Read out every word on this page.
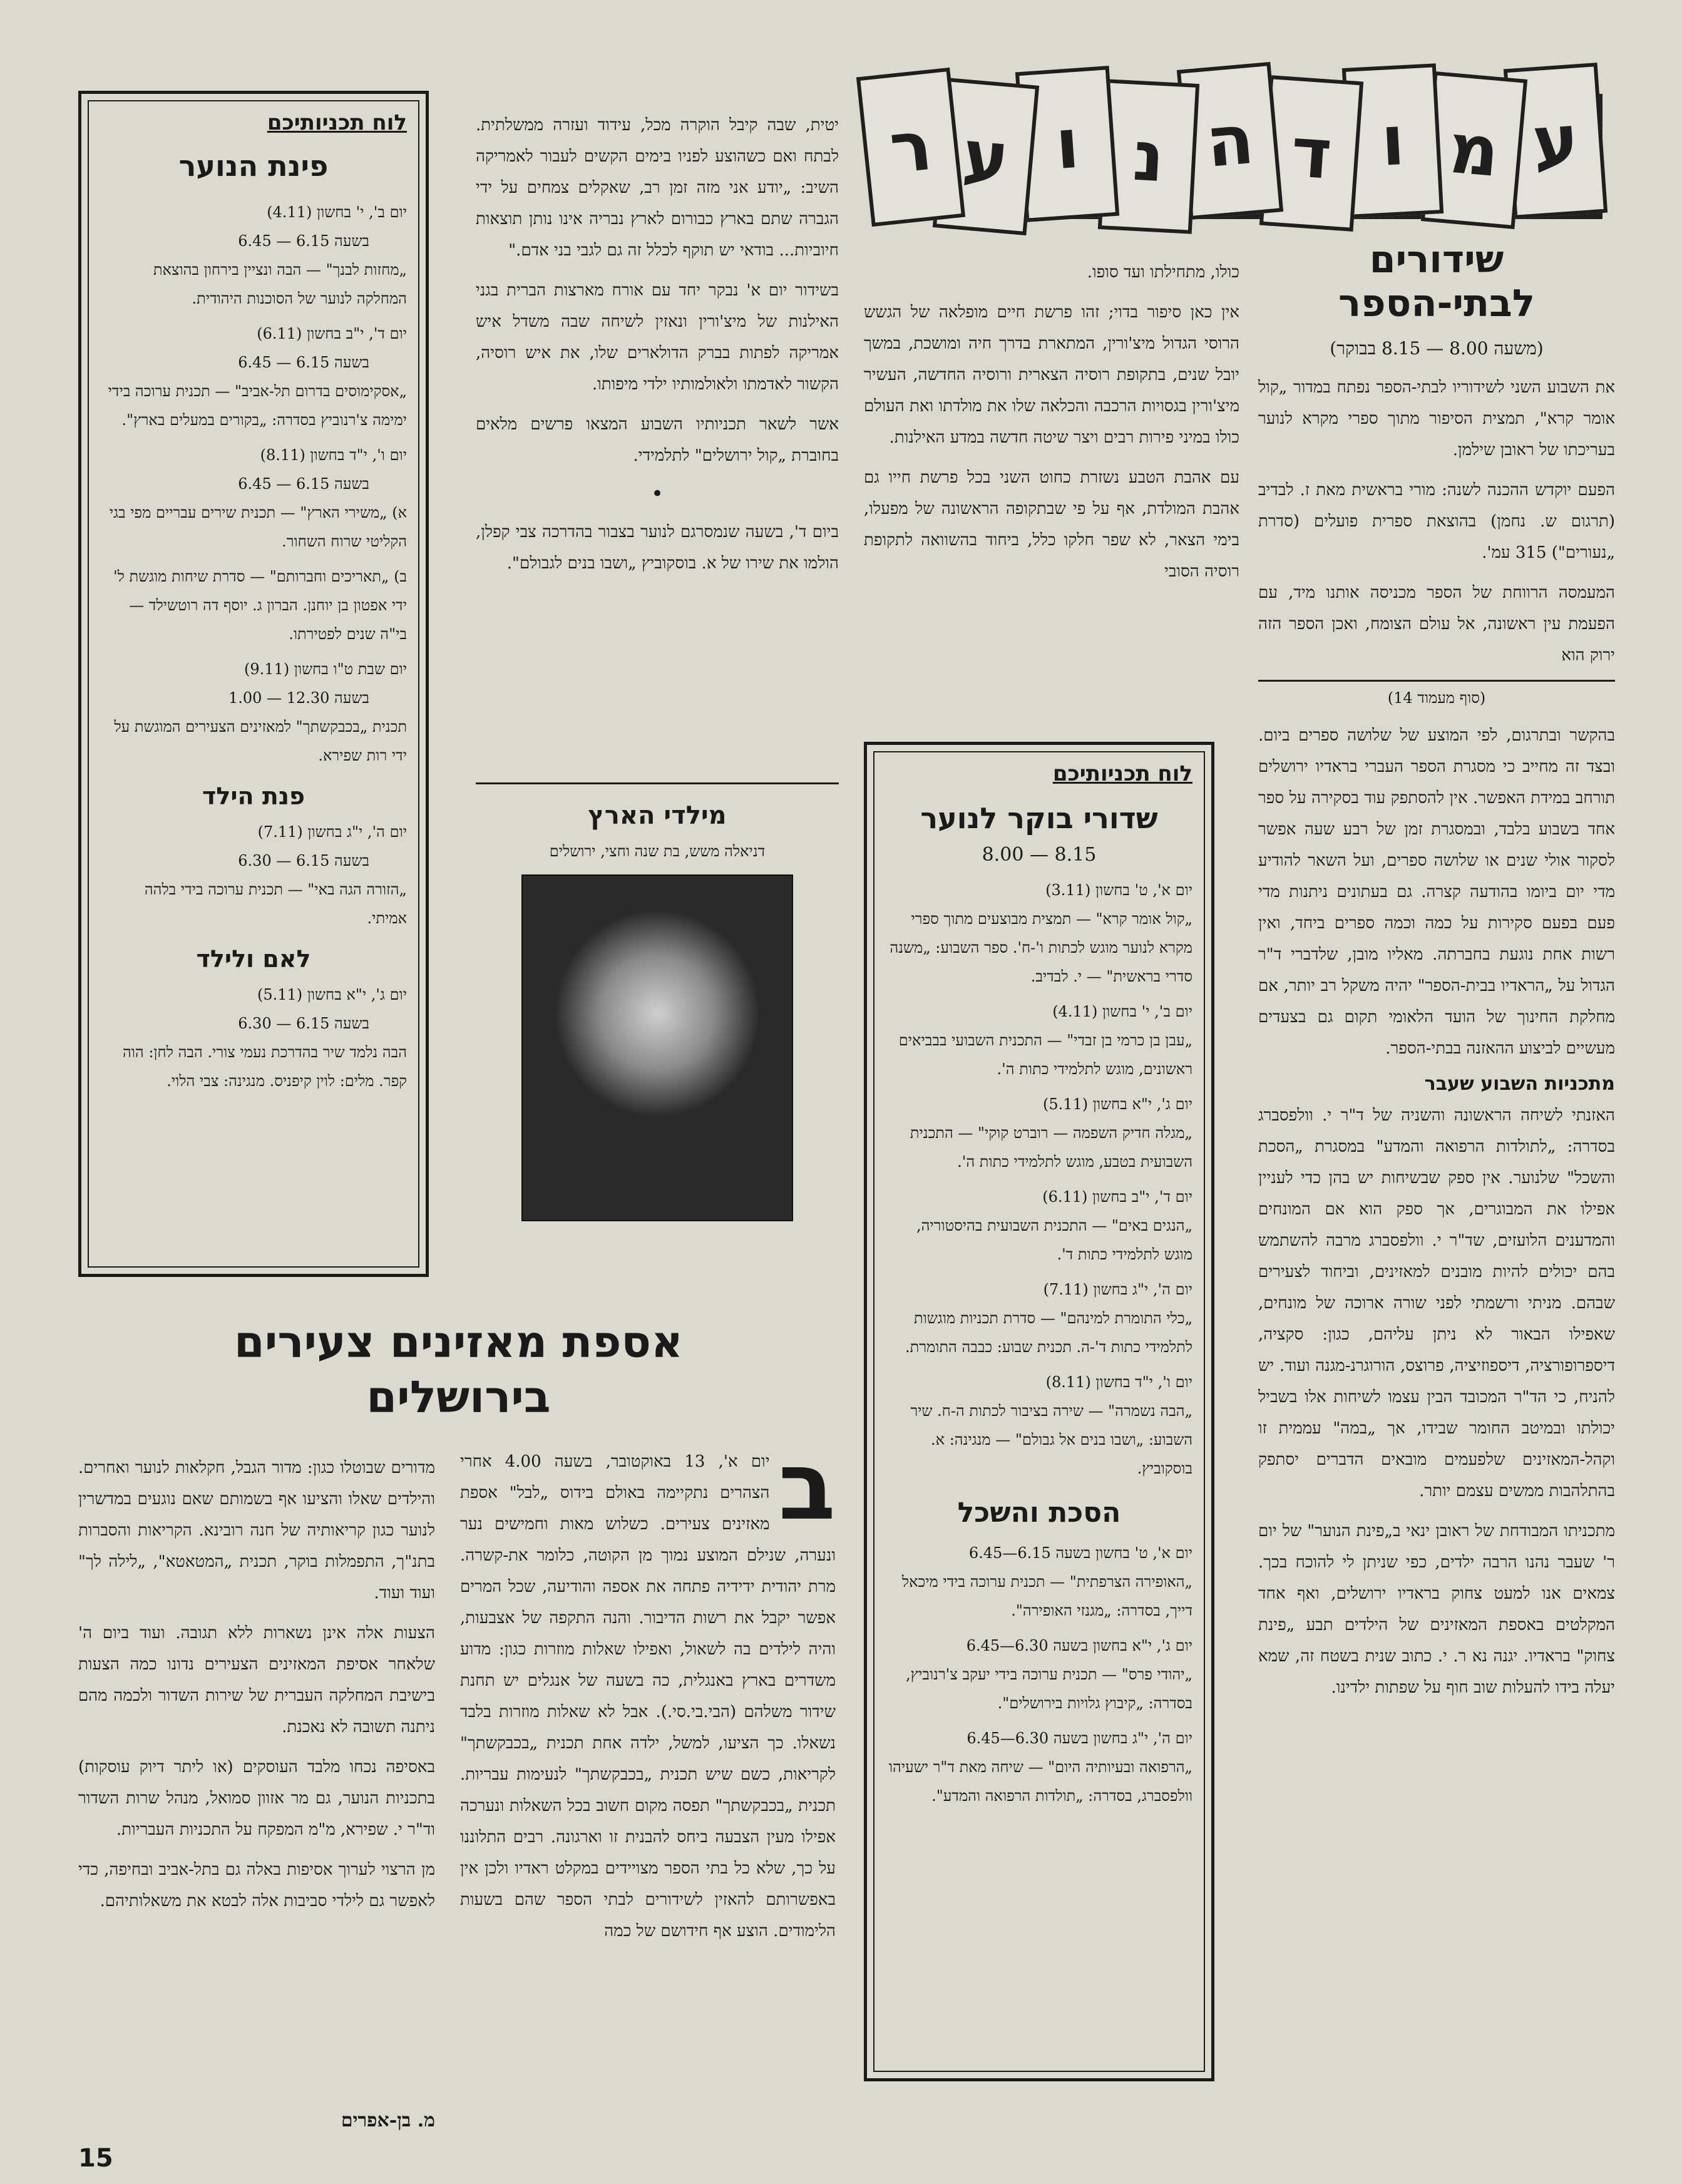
ע
מ
ו
ד
ה
נ
ו
ע
ר
שידורים לבתי-הספר
(משעה 8.00 — 8.15 בבוקר)

את השבוע השני לשידוריו לבתי-הספר נפתח במדור „קול אומר קרא", תמצית הסיפור מתוך ספרי מקרא לנוער בעריכתו של ראובן שילמן.

הפעם יוקדש ההכנה לשנה: מורי בראשית מאת ז. לבדיב (תרגום ש. נחמן) בהוצאת ספרית פועלים (סדרת „נעורים") 315 עמ'.

המעמסה הרווחת של הספר מכניסה אותנו מיד, עם הפעמת עין ראשונה, אל עולם הצומח, ואכן הספר הזה ירוק הוא

(סוף מעמוד 14)

בהקשר ובתרגום, לפי המוצע של שלושה ספרים ביום. ובצד זה מחייב כי מסגרת הספר העברי בראדיו ירושלים תורחב במידת האפשר. אין להסתפק עוד בסקירה על ספר אחד בשבוע בלבד, ובמסגרת זמן של רבע שעה אפשר לסקור אולי שנים או שלושה ספרים, ועל השאר להודיע מדי יום ביומו בהודעה קצרה. גם בעתונים ניתנות מדי פעם בפעם סקירות על כמה וכמה ספרים ביחד, ואין רשות אחת נוגעת בחברתה. מאליו מובן, שלדברי ד"ר הגדול על „הראדיו בבית-הספר" יהיה משקל רב יותר, אם מחלקת החינוך של הועד הלאומי תקום גם בצעדים מעשיים לביצוע ההאזנה בבתי-הספר.

מתכניות השבוע שעבר

האזנתי לשיחה הראשונה והשניה של ד"ר י. וולפסברג בסדרה: „לתולדות הרפואה והמדע" במסגרת „הסכת והשכל" שלנוער. אין ספק שבשיחות יש בהן כדי לעניין אפילו את המבוגרים, אך ספק הוא אם המונחים והמדענים הלועזים, שד"ר י. וולפסברג מרבה להשתמש בהם יכולים להיות מובנים למאזינים, וביחוד לצעירים שבהם. מניתי ורשמתי לפני שורה ארוכה של מונחים, שאפילו הבאור לא ניתן עליהם, כגון: סקציה, דיספרופורציה, דיספוזיציה, פרוצס, הורוגרנ-מגנה ועוד. יש להניח, כי הד"ר המכובד הבין עצמו לשיחות אלו בשביל יכולתו ובמיטב החומר שבידו, אך „במה" עממית זו וקהל-המאזינים שלפעמים מובאים הדברים יסתפק בהתלהבות ממשים עצמם יותר.

מתכניתו המבודחת של ראובן ינאי ב„פינת הנוער" של יום ר' שעבר נהנו הרבה ילדים, כפי שניתן לי להוכח בכך. צמאים אנו למעט צחוק בראדיו ירושלים, ואף אחד המקלטים באספת המאזינים של הילדים תבע „פינת צחוק" בראדיו. יגנה נא ר. י. כתוב שנית בשטח זה, שמא יעלה בידו להעלות שוב חוף על שפתות ילדינו.

כולו, מתחילתו ועד סופו.

אין כאן סיפור בדוי; זהו פרשת חיים מופלאה של הגשש הרוסי הגדול מיצ'ורין, המתארת בדרך חיה ומושכת, במשך יובל שנים, בתקופת רוסיה הצארית ורוסיה החדשה, העשיר מיצ'ורין בגסויות הרכבה והכלאה שלו את מולדתו ואת העולם כולו במיני פירות רבים ויצר שיטה חדשה במדע האילנות.

עם אהבת הטבע נשזרת כחוט השני בכל פרשת חייו גם אהבת המולדת, אף על פי שבתקופה הראשונה של מפעלו, בימי הצאר, לא שפר חלקו כלל, ביחוד בהשוואה לתקופת רוסיה הסובי

לוח תכניותיכם
שדורי בוקר לנוער
8.00 — 8.15
יום א', ט' בחשון (3.11)
„קול אומר קרא" — תמצית מבוצעים מתוך ספרי מקרא לנוער מוגש לכתות ו'-ח'. ספר השבוע: „משנה סדרי בראשית" — י. לבדיב.
יום ב', י' בחשון (4.11)
„עבן בן כרמי בן זבדי" — התכנית השבועי בבביאים ראשונים, מוגש לתלמידי כתות ה'.
יום ג', י"א בחשון (5.11)
„מגלה חדיק השפמה — רוברט קוקי" — התכנית השבועית בטבע, מוגש לתלמידי כתות ה'.
יום ד', י"ב בחשון (6.11)
„הנגים באים" — התכנית השבועית בהיסטוריה, מוגש לתלמידי כתות ד'.
יום ה', י"ג בחשון (7.11)
„כלי התומרת למינהם" — סדרת תכניות מוגשות לתלמידי כתות ד'-ה. תכנית שבוע: כבבה התומרת.
יום ו', י"ד בחשון (8.11)
„הבה נשמרה" — שירה בציבור לכתות ה-ח. שיר השבוע: „ושבו בנים אל גבולם" — מנגינה: א. בוסקוביץ.
הסכת והשכל
יום א', ט' בחשון בשעה 6.15—6.45
„האופירה הצרפתית" — תכנית ערוכה בידי מיכאל דייך, בסדרה: „מגנזי האופירה".
יום ג', י"א בחשון בשעה 6.30—6.45
„יהודי פרס" — תכנית ערוכה בידי יעקב צ'רנוביץ, בסדרה: „קיבוץ גלויות בירושלים".
יום ה', י"ג בחשון בשעה 6.30—6.45
„הרפואה ובעיותיה היום" — שיחה מאת ד"ר ישעיהו וולפסברג, בסדרה: „תולדות הרפואה והמדע".

יטית, שבה קיבל הוקרה מכל, עידוד ועזרה ממשלתית. לבתח ואם כשהוצע לפניו בימים הקשים לעבור לאמריקה השיב: „יודע אני מזה זמן רב, שאקלים צמחים על ידי הגברה שתם בארץ כבורום לארץ נבריה אינו נותן תוצאות חיוביות... בודאי יש תוקף לכלל זה גם לגבי בני אדם."

בשידור יום א' נבקר יחד עם אורח מארצות הברית בגני האילנות של מיצ'ורין ונאזין לשיחה שבה משדל איש אמריקה לפתות בברק הדולארים שלו, את איש רוסיה, הקשור לאדמתו ולאולמותיו ילדי מיפותו.

אשר לשאר תכניותיו השבוע המצאו פרשים מלאים בחוברת „קול ירושלים" לתלמידי.

•

ביום ד', בשעה שנמסרגם לנוער בצבור בהדרכה צבי קפלן, הולמו את שירו של א. בוסקוביץ „ושבו בנים לגבולם".

מילדי הארץ
דניאלה משש, בת שנה וחצי, ירושלים
לוח תכניותיכם
פינת הנוער
יום ב', י' בחשון (4.11)
בשעה 6.15 — 6.45
„מחזות לבנך" — הבה ונציין בירחון בהוצאת המחלקה לנוער של הסוכנות היהודית.
יום ד', י"ב בחשון (6.11)
בשעה 6.15 — 6.45
„אסקימוסים בדרום תל-אביב" — תכנית ערוכה בידי ימימה צ'רנוביץ בסדרה: „בקורים במעלים בארץ".
יום ו', י"ד בחשון (8.11)
בשעה 6.15 — 6.45
א) „משירי הארץ" — תכנית שירים עבריים מפי בגי הקליטי שרוח השחור.
ב) „תאריכים וחברותם" — סדרת שיחות מוגשת ל' ידי אפטון בן יוחנן. הברון ג. יוסף דה רוטשילד — בי"ה שנים לפטירתו.
יום שבת ט"ו בחשון (9.11)
בשעה 12.30 — 1.00
תכנית „בכבקשתך" למאזינים הצעירים המוגשת על ידי רות שפירא.
פנת הילד
יום ה', י"ג בחשון (7.11)
בשעה 6.15 — 6.30
„הזורה הגה באי" — תכנית ערוכה בידי בלהה אמיתי.
לאם ולילד
יום ג', י"א בחשון (5.11)
בשעה 6.15 — 6.30
הבה נלמד שיר בהדרכת נעמי צורי. הבה לחן: הוה קפר. מלים: לוין קיפניס. מנגינה: צבי הלוי.
אספת מאזינים צעירים
בירושלים
ב

יום א', 13 באוקטובר, בשעה 4.00 אחרי הצהרים נתקיימה באולם בידוס „לבל" אספת מאזינים צעירים. כשלוש מאות וחמישים נער ונערה, שנילם המוצע נמוך מן הקוטה, כלומר את-קשרה. מרת יהודית ידידיה פתחה את אספה והודיעה, שכל המרים אפשר יקבל את רשות הדיבור. והנה התקפה של אצבעות, והיה לילדים בה לשאול, ואפילו שאלות מוזרות כגון: מדוע משדרים בארץ באנגלית, כה בשעה של אנגלים יש תחנת שידור משלהם (הבי.בי.סי.). אבל לא שאלות מוזרות בלבד נשאלו. כך הציעו, למשל, ילדה אחת תכנית „בכבקשתך" לקריאות, כשם שיש תכנית „בכבקשתך" לנעימות עבריות. תכנית „בכבקשתך" תפסה מקום חשוב בכל השאלות ונערכה אפילו מעין הצבעה ביחס להבנית זו וארגונה. רבים התלוננו על כך, שלא כל בתי הספר מצויידים במקלט ראדיו ולכן אין באפשרותם להאזין לשידורים לבתי הספר שהם בשעות הלימודים. הוצע אף חידושם של כמה

מדורים שבוטלו כגון: מדור הגבל, חקלאות לנוער ואחרים. והילדים שאלו והציעו אף בשמותם שאם נוגעים במדשרין לנוער כגון קריאותיה של חנה רובינא. הקריאות והסברות בתנ"ך, התפמלות בוקר, תכנית „המטאטא", „לילה לך" ועוד ועוד.

הצעות אלה אינן נשארות ללא תגובה. ועוד ביום ה' שלאחר אסיפת המאזינים הצעירים נדונו כמה הצעות בישיבת המחלקה העברית של שירות השדור ולכמה מהם ניתנה תשובה לא נאכנת.

באסיפה נכחו מלבד העוסקים (או ליתר דיוק עוסקות) בתכניות הנוער, גם מר אזוון סמואל, מנהל שרות השדור וד"ר י. שפירא, מ"מ המפקח על התכניות העבריות.

מן הרצוי לערוך אסיפות באלה גם בתל-אביב ובחיפה, כדי לאפשר גם לילדי סביבות אלה לבטא את משאלותיהם.

מ. בן-אפרים
15
